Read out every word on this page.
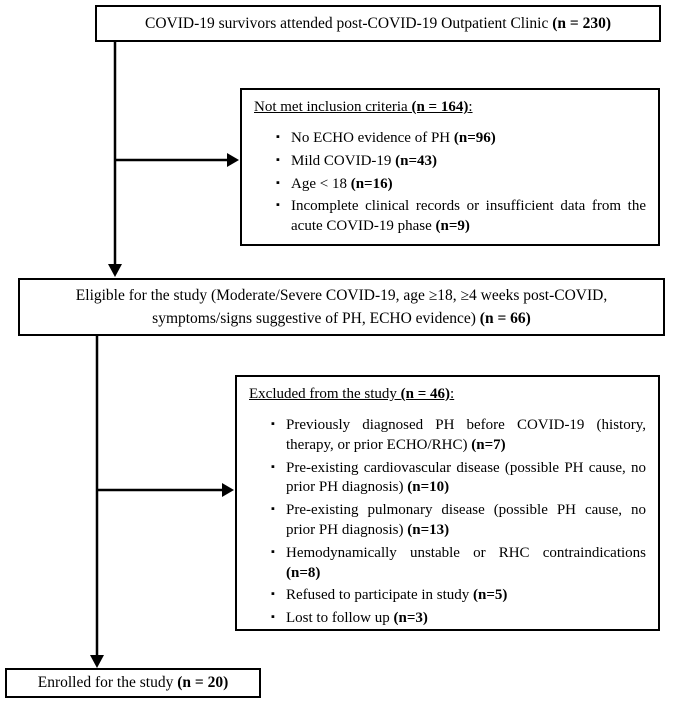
COVID-19 survivors attended post-COVID-19 Outpatient Clinic (n = 230)
Not met inclusion criteria (n = 164):
▪ No ECHO evidence of PH (n=96)
▪ Mild COVID-19 (n=43)
▪ Age < 18 (n=16)
▪ Incomplete clinical records or insufficient data from the acute COVID-19 phase (n=9)
Eligible for the study (Moderate/Severe COVID-19, age ≥18, ≥4 weeks post-COVID,
symptoms/signs suggestive of PH, ECHO evidence) (n = 66)
Excluded from the study (n = 46):
▪ Previously diagnosed PH before COVID-19 (history, therapy, or prior ECHO/RHC) (n=7)
▪ Pre-existing cardiovascular disease (possible PH cause, no prior PH diagnosis) (n=10)
▪ Pre-existing pulmonary disease (possible PH cause, no prior PH diagnosis) (n=13)
▪ Hemodynamically unstable or RHC contraindications (n=8)
▪ Refused to participate in study (n=5)
▪ Lost to follow up (n=3)
Enrolled for the study (n = 20)
